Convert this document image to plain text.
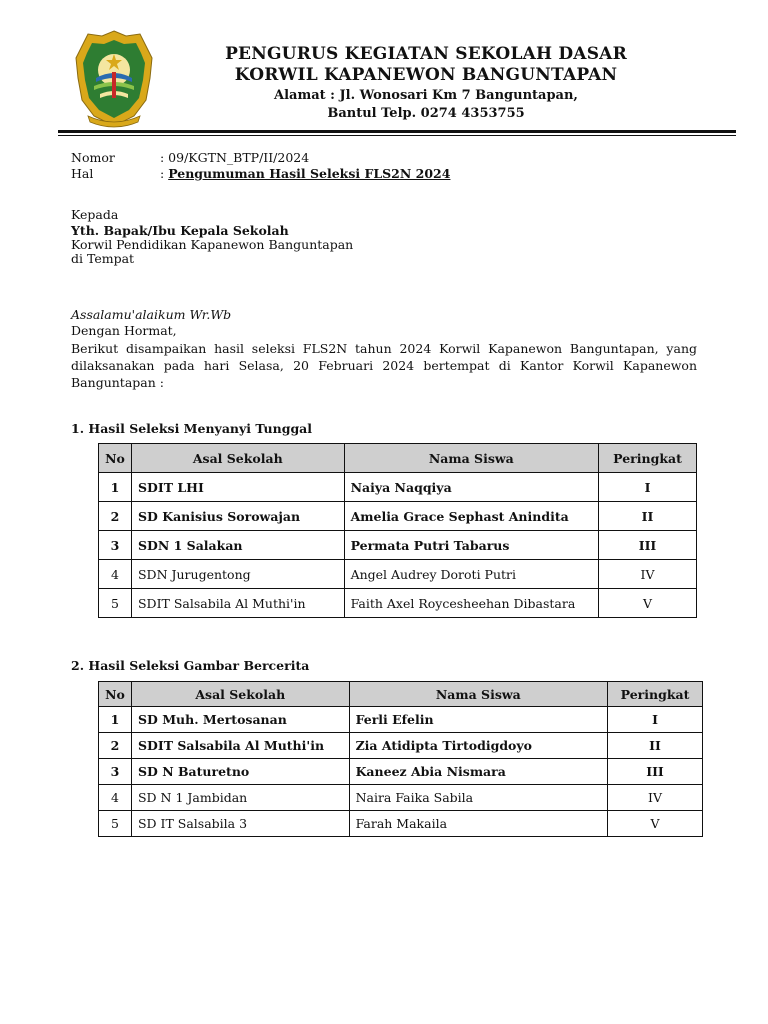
PENGURUS KEGIATAN SEKOLAH DASAR
KORWIL KAPANEWON BANGUNTAPAN
Alamat : Jl. Wonosari Km 7 Banguntapan,
Bantul Telp. 0274 4353755
Nomor	: 09/KGTN_BTP/II/2024
Hal	: Pengumuman Hasil Seleksi FLS2N 2024
Kepada
Yth. Bapak/Ibu Kepala Sekolah
Korwil Pendidikan Kapanewon Banguntapan
di Tempat
Assalamu'alaikum Wr.Wb
Dengan Hormat,
Berikut disampaikan hasil seleksi FLS2N tahun 2024 Korwil Kapanewon Banguntapan, yang dilaksanakan pada hari Selasa, 20 Februari 2024 bertempat di Kantor Korwil Kapanewon Banguntapan :
1. Hasil Seleksi Menyanyi Tunggal
No	Asal Sekolah	Nama Siswa	Peringkat
1	SDIT LHI	Naiya Naqqiya	I
2	SD Kanisius Sorowajan	Amelia Grace Sephast Anindita	II
3	SDN 1 Salakan	Permata Putri Tabarus	III
4	SDN Jurugentong	Angel Audrey Doroti Putri	IV
5	SDIT Salsabila Al Muthi'in	Faith Axel Roycesheehan Dibastara	V
2. Hasil Seleksi Gambar Bercerita
No	Asal Sekolah	Nama Siswa	Peringkat
1	SD Muh. Mertosanan	Ferli Efelin	I
2	SDIT Salsabila Al Muthi'in	Zia Atidipta Tirtodigdoyo	II
3	SD N Baturetno	Kaneez Abia Nismara	III
4	SD N 1 Jambidan	Naira Faika Sabila	IV
5	SD IT Salsabila 3	Farah Makaila	V
